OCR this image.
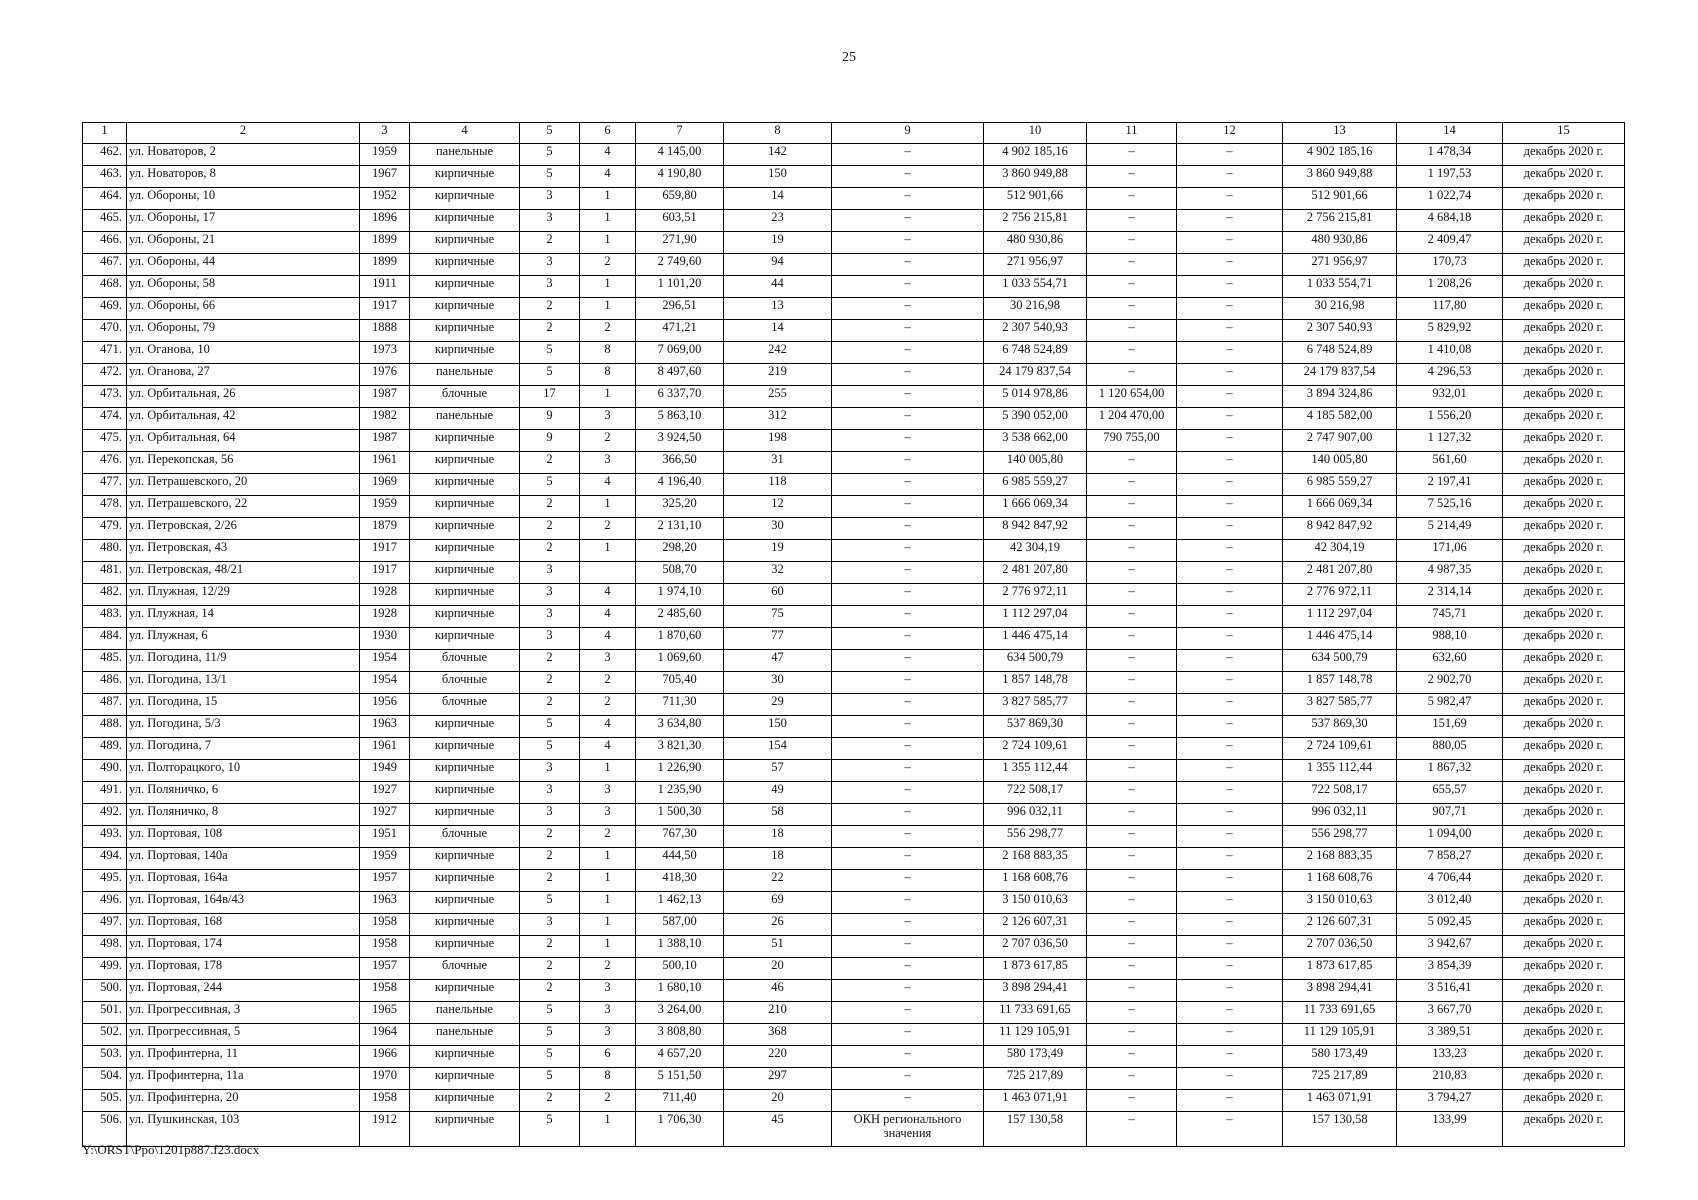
25
1	2	3	4	5	6	7	8	9	10	11	12	13	14	15
462.	ул. Новаторов, 2	1959	панельные	5	4	4 145,00	142	–	4 902 185,16	–	–	4 902 185,16	1 478,34	декабрь 2020 г.
463.	ул. Новаторов, 8	1967	кирпичные	5	4	4 190,80	150	–	3 860 949,88	–	–	3 860 949,88	1 197,53	декабрь 2020 г.
464.	ул. Обороны, 10	1952	кирпичные	3	1	659,80	14	–	512 901,66	–	–	512 901,66	1 022,74	декабрь 2020 г.
465.	ул. Обороны, 17	1896	кирпичные	3	1	603,51	23	–	2 756 215,81	–	–	2 756 215,81	4 684,18	декабрь 2020 г.
466.	ул. Обороны, 21	1899	кирпичные	2	1	271,90	19	–	480 930,86	–	–	480 930,86	2 409,47	декабрь 2020 г.
467.	ул. Обороны, 44	1899	кирпичные	3	2	2 749,60	94	–	271 956,97	–	–	271 956,97	170,73	декабрь 2020 г.
468.	ул. Обороны, 58	1911	кирпичные	3	1	1 101,20	44	–	1 033 554,71	–	–	1 033 554,71	1 208,26	декабрь 2020 г.
469.	ул. Обороны, 66	1917	кирпичные	2	1	296,51	13	–	30 216,98	–	–	30 216,98	117,80	декабрь 2020 г.
470.	ул. Обороны, 79	1888	кирпичные	2	2	471,21	14	–	2 307 540,93	–	–	2 307 540,93	5 829,92	декабрь 2020 г.
471.	ул. Оганова, 10	1973	кирпичные	5	8	7 069,00	242	–	6 748 524,89	–	–	6 748 524,89	1 410,08	декабрь 2020 г.
472.	ул. Оганова, 27	1976	панельные	5	8	8 497,60	219	–	24 179 837,54	–	–	24 179 837,54	4 296,53	декабрь 2020 г.
473.	ул. Орбитальная, 26	1987	блочные	17	1	6 337,70	255	–	5 014 978,86	1 120 654,00	–	3 894 324,86	932,01	декабрь 2020 г.
474.	ул. Орбитальная, 42	1982	панельные	9	3	5 863,10	312	–	5 390 052,00	1 204 470,00	–	4 185 582,00	1 556,20	декабрь 2020 г.
475.	ул. Орбитальная, 64	1987	кирпичные	9	2	3 924,50	198	–	3 538 662,00	790 755,00	–	2 747 907,00	1 127,32	декабрь 2020 г.
476.	ул. Перекопская, 56	1961	кирпичные	2	3	366,50	31	–	140 005,80	–	–	140 005,80	561,60	декабрь 2020 г.
477.	ул. Петрашевского, 20	1969	кирпичные	5	4	4 196,40	118	–	6 985 559,27	–	–	6 985 559,27	2 197,41	декабрь 2020 г.
478.	ул. Петрашевского, 22	1959	кирпичные	2	1	325,20	12	–	1 666 069,34	–	–	1 666 069,34	7 525,16	декабрь 2020 г.
479.	ул. Петровская, 2/26	1879	кирпичные	2	2	2 131,10	30	–	8 942 847,92	–	–	8 942 847,92	5 214,49	декабрь 2020 г.
480.	ул. Петровская, 43	1917	кирпичные	2	1	298,20	19	–	42 304,19	–	–	42 304,19	171,06	декабрь 2020 г.
481.	ул. Петровская, 48/21	1917	кирпичные	3		508,70	32	–	2 481 207,80	–	–	2 481 207,80	4 987,35	декабрь 2020 г.
482.	ул. Плужная, 12/29	1928	кирпичные	3	4	1 974,10	60	–	2 776 972,11	–	–	2 776 972,11	2 314,14	декабрь 2020 г.
483.	ул. Плужная, 14	1928	кирпичные	3	4	2 485,60	75	–	1 112 297,04	–	–	1 112 297,04	745,71	декабрь 2020 г.
484.	ул. Плужная, 6	1930	кирпичные	3	4	1 870,60	77	–	1 446 475,14	–	–	1 446 475,14	988,10	декабрь 2020 г.
485.	ул. Погодина, 11/9	1954	блочные	2	3	1 069,60	47	–	634 500,79	–	–	634 500,79	632,60	декабрь 2020 г.
486.	ул. Погодина, 13/1	1954	блочные	2	2	705,40	30	–	1 857 148,78	–	–	1 857 148,78	2 902,70	декабрь 2020 г.
487.	ул. Погодина, 15	1956	блочные	2	2	711,30	29	–	3 827 585,77	–	–	3 827 585,77	5 982,47	декабрь 2020 г.
488.	ул. Погодина, 5/3	1963	кирпичные	5	4	3 634,80	150	–	537 869,30	–	–	537 869,30	151,69	декабрь 2020 г.
489.	ул. Погодина, 7	1961	кирпичные	5	4	3 821,30	154	–	2 724 109,61	–	–	2 724 109,61	880,05	декабрь 2020 г.
490.	ул. Полторацкого, 10	1949	кирпичные	3	1	1 226,90	57	–	1 355 112,44	–	–	1 355 112,44	1 867,32	декабрь 2020 г.
491.	ул. Поляничко, 6	1927	кирпичные	3	3	1 235,90	49	–	722 508,17	–	–	722 508,17	655,57	декабрь 2020 г.
492.	ул. Поляничко, 8	1927	кирпичные	3	3	1 500,30	58	–	996 032,11	–	–	996 032,11	907,71	декабрь 2020 г.
493.	ул. Портовая, 108	1951	блочные	2	2	767,30	18	–	556 298,77	–	–	556 298,77	1 094,00	декабрь 2020 г.
494.	ул. Портовая, 140а	1959	кирпичные	2	1	444,50	18	–	2 168 883,35	–	–	2 168 883,35	7 858,27	декабрь 2020 г.
495.	ул. Портовая, 164а	1957	кирпичные	2	1	418,30	22	–	1 168 608,76	–	–	1 168 608,76	4 706,44	декабрь 2020 г.
496.	ул. Портовая, 164в/43	1963	кирпичные	5	1	1 462,13	69	–	3 150 010,63	–	–	3 150 010,63	3 012,40	декабрь 2020 г.
497.	ул. Портовая, 168	1958	кирпичные	3	1	587,00	26	–	2 126 607,31	–	–	2 126 607,31	5 092,45	декабрь 2020 г.
498.	ул. Портовая, 174	1958	кирпичные	2	1	1 388,10	51	–	2 707 036,50	–	–	2 707 036,50	3 942,67	декабрь 2020 г.
499.	ул. Портовая, 178	1957	блочные	2	2	500,10	20	–	1 873 617,85	–	–	1 873 617,85	3 854,39	декабрь 2020 г.
500.	ул. Портовая, 244	1958	кирпичные	2	3	1 680,10	46	–	3 898 294,41	–	–	3 898 294,41	3 516,41	декабрь 2020 г.
501.	ул. Прогрессивная, 3	1965	панельные	5	3	3 264,00	210	–	11 733 691,65	–	–	11 733 691,65	3 667,70	декабрь 2020 г.
502.	ул. Прогрессивная, 5	1964	панельные	5	3	3 808,80	368	–	11 129 105,91	–	–	11 129 105,91	3 389,51	декабрь 2020 г.
503.	ул. Профинтерна, 11	1966	кирпичные	5	6	4 657,20	220	–	580 173,49	–	–	580 173,49	133,23	декабрь 2020 г.
504.	ул. Профинтерна, 11а	1970	кирпичные	5	8	5 151,50	297	–	725 217,89	–	–	725 217,89	210,83	декабрь 2020 г.
505.	ул. Профинтерна, 20	1958	кирпичные	2	2	711,40	20	–	1 463 071,91	–	–	1 463 071,91	3 794,27	декабрь 2020 г.
506.	ул. Пушкинская, 103	1912	кирпичные	5	1	1 706,30	45	ОКН регионального значения	157 130,58	–	–	157 130,58	133,99	декабрь 2020 г.
Y:\ORST\Ppo\1201p887.f23.docx
